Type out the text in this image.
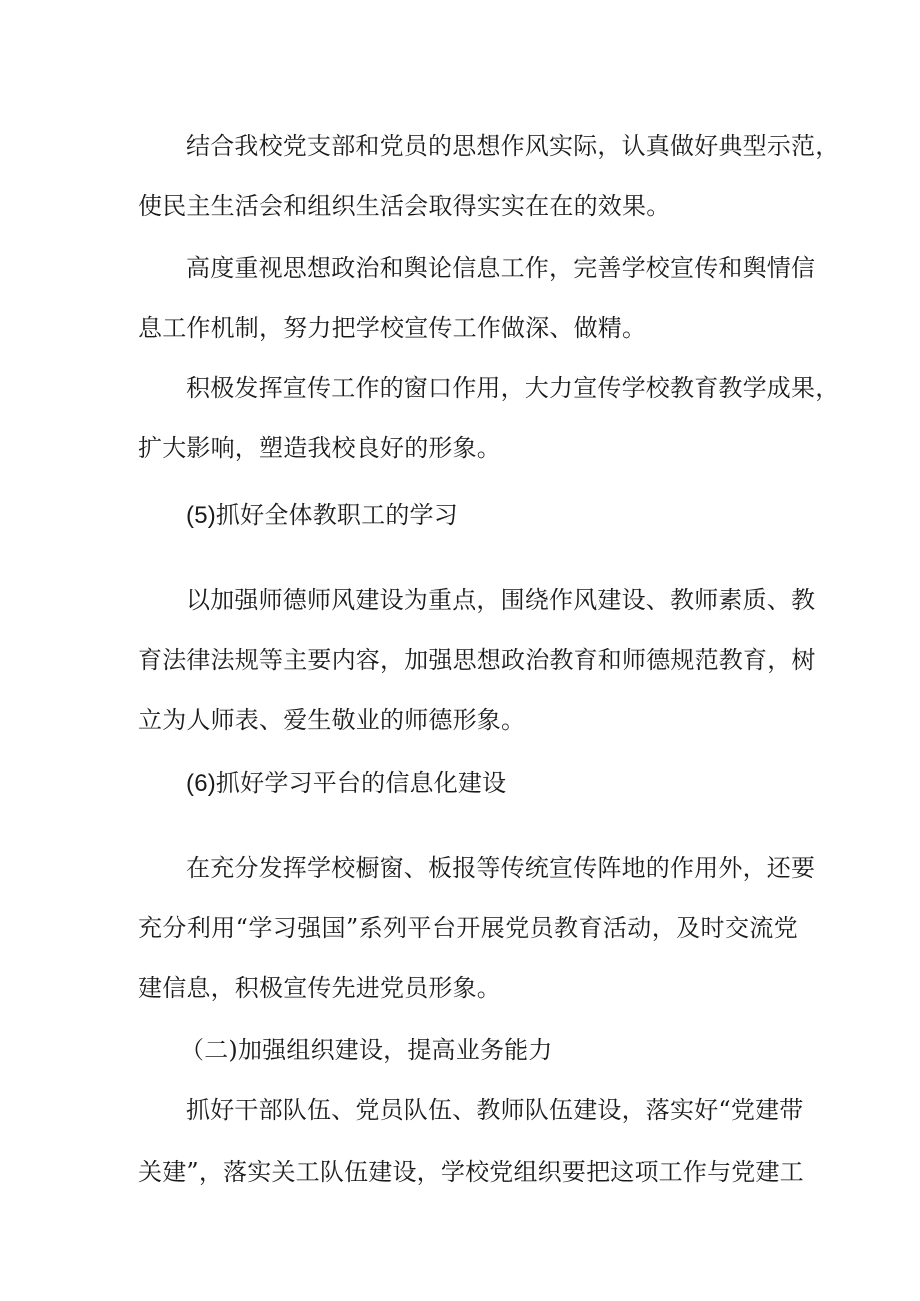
结合我校党支部和党员的思想作风实际，认真做好典型示范，
使民主生活会和组织生活会取得实实在在的效果。
高度重视思想政治和舆论信息工作，完善学校宣传和舆情信
息工作机制，努力把学校宣传工作做深、做精。
积极发挥宣传工作的窗口作用，大力宣传学校教育教学成果，
扩大影响，塑造我校良好的形象。
(5)抓好全体教职工的学习
以加强师德师风建设为重点，围绕作风建设、教师素质、教
育法律法规等主要内容，加强思想政治教育和师德规范教育，树
立为人师表、爱生敬业的师德形象。
(6)抓好学习平台的信息化建设
在充分发挥学校橱窗、板报等传统宣传阵地的作用外，还要
充分利用“学习强国”系列平台开展党员教育活动，及时交流党
建信息，积极宣传先进党员形象。
（二)加强组织建设，提高业务能力
抓好干部队伍、党员队伍、教师队伍建设，落实好“党建带
关建”，落实关工队伍建设，学校党组织要把这项工作与党建工
